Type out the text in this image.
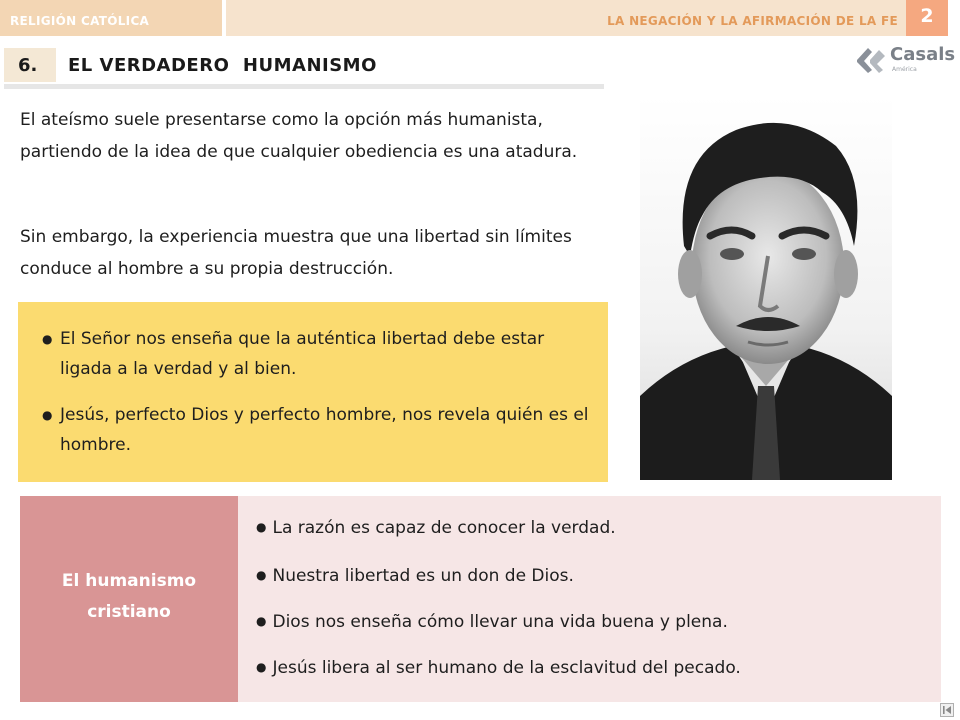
RELIGIÓN CATÓLICA	LA NEGACIÓN Y LA AFIRMACIÓN DE LA FE	2
6. EL VERDADERO  HUMANISMO
Casals
América
El ateísmo suele presentarse como la opción más humanista, partiendo de la idea de que cualquier obediencia es una atadura.
Sin embargo, la experiencia muestra que una libertad sin límites conduce al hombre a su propia destrucción.
● El Señor nos enseña que la auténtica libertad debe estar ligada a la verdad y al bien.
● Jesús, perfecto Dios y perfecto hombre, nos revela quién es el hombre.
El humanismo cristiano
● La razón es capaz de conocer la verdad.
● Nuestra libertad es un don de Dios.
● Dios nos enseña cómo llevar una vida buena y plena.
● Jesús libera al ser humano de la esclavitud del pecado.
